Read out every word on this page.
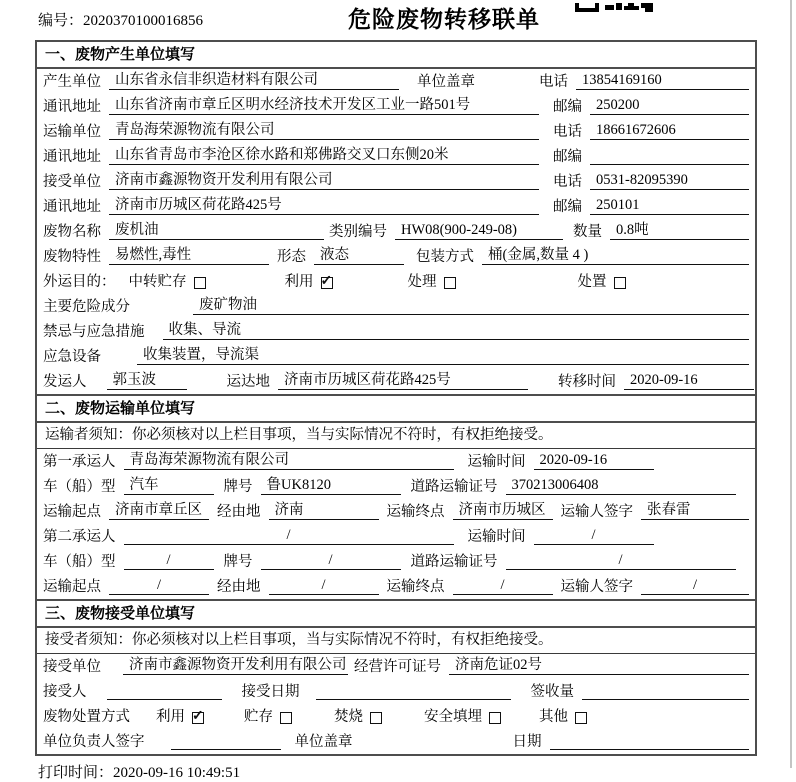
编号：2020370100016856	危险废物转移联单
一、废物产生单位填写
产生单位 山东省永信非织造材料有限公司	单位盖章	电话 13854169160
通讯地址 山东省济南市章丘区明水经济技术开发区工业一路501号	邮编 250200
运输单位 青岛海荣源物流有限公司	电话 18661672606
通讯地址 山东省青岛市李沧区徐水路和郑佛路交叉口东侧20米	邮编
接受单位 济南市鑫源物资开发利用有限公司	电话 0531-82095390
通讯地址 济南市历城区荷花路425号	邮编 250101
废物名称 废机油	类别编号 HW08(900-249-08)	数量 0.8吨
废物特性 易燃性,毒性	形态 液态	包装方式 桶(金属,数量 4 )
外运目的： 中转贮存	利用 ✓	处理	处置
主要危险成分	废矿物油
禁忌与应急措施	收集、导流
应急设备	收集装置，导流渠
发运人	郭玉波	运达地 济南市历城区荷花路425号	转移时间 2020-09-16
二、废物运输单位填写
运输者须知：你必须核对以上栏目事项，当与实际情况不符时，有权拒绝接受。
第一承运人 青岛海荣源物流有限公司	运输时间 2020-09-16
车（船）型 汽车	牌号 鲁UK8120	道路运输证号 370213006408
运输起点 济南市章丘区	经由地 济南	运输终点 济南市历城区	运输人签字 张春雷
第二承运人	/	运输时间	/
车（船）型	/	牌号	/	道路运输证号	/
运输起点	/	经由地	/	运输终点	/	运输人签字	/
三、废物接受单位填写
接受者须知：你必须核对以上栏目事项，当与实际情况不符时，有权拒绝接受。
接受单位	济南市鑫源物资开发利用有限公司 经营许可证号 济南危证02号
接受人	接受日期	签收量
废物处置方式 利用 ✓	贮存	焚烧	安全填埋	其他
单位负责人签字	单位盖章	日期
打印时间：2020-09-16 10:49:51
